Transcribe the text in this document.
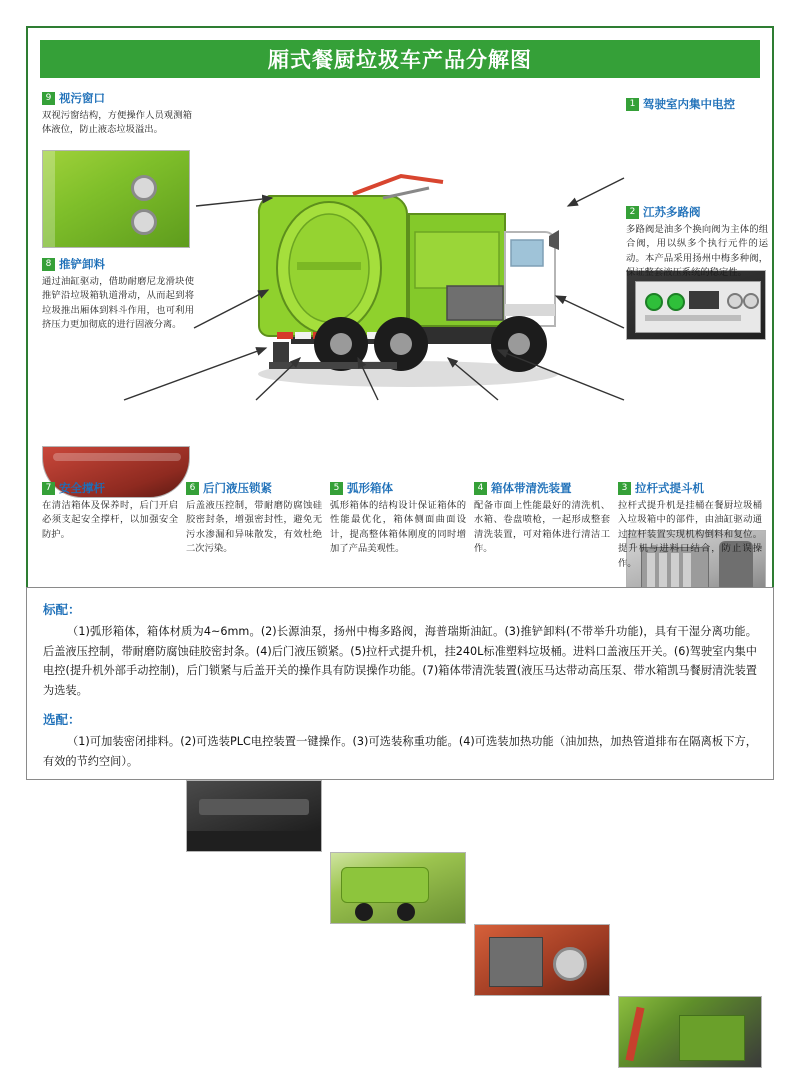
厢式餐厨垃圾车产品分解图
9 视污窗口
双视污窗结构，方便操作人员观测箱体液位，防止液态垃圾溢出。
8 推铲卸料
通过油缸驱动，借助耐磨尼龙滑块使推铲沿垃圾箱轨道滑动，从而起到将垃圾推出厢体到料斗作用，也可利用挤压力更加彻底的进行固液分离。
1 驾驶室内集中电控
2 江苏多路阀
多路阀是油多个换向阀为主体的组合阀，用以纵多个执行元件的运动。本产品采用扬州中梅多种阀，保证整套液压系统的稳定性。
7 安全撑杆
在清洁箱体及保养时，后门开启必须支起安全撑杆，以加强安全防护。
6 后门液压锁紧
后盖液压控制，带耐磨防腐蚀硅胶密封条，增强密封性，避免无污水渗漏和异味散发，有效杜绝二次污染。
5 弧形箱体
弧形箱体的结构设计保证箱体的性能最优化，箱体侧面曲面设计，提高整体箱体刚度的同时增加了产品美观性。
4 箱体带清洗装置
配备市面上性能最好的清洗机、水箱、卷盘喷枪，一起形成整套清洗装置，可对箱体进行清洁工作。
3 拉杆式提斗机
拉杆式提升机是挂桶在餐厨垃圾桶入垃圾箱中的部件，由油缸驱动通过拉杆装置实现机构倒料和复位。提升机与进料口结合，防止误操作。
标配：
（1)弧形箱体，箱体材质为4~6mm。(2)长源油泵，扬州中梅多路阀，海普瑞斯油缸。(3)推铲卸料(不带举升功能)，具有干湿分离功能。后盖液压控制，带耐磨防腐蚀硅胶密封条。(4)后门液压锁紧。(5)拉杆式提升机，挂240L标准塑料垃圾桶。进料口盖液压开关。(6)驾驶室内集中电控(提升机外部手动控制)，后门锁紧与后盖开关的操作具有防误操作功能。(7)箱体带清洗装置(液压马达带动高压泵、带水箱凯马餐厨清洗装置为选装。
选配：
（1)可加装密闭排料。(2)可选装PLC电控装置一键操作。(3)可选装称重功能。(4)可选装加热功能（油加热，加热管道排布在隔离板下方，有效的节约空间）。
